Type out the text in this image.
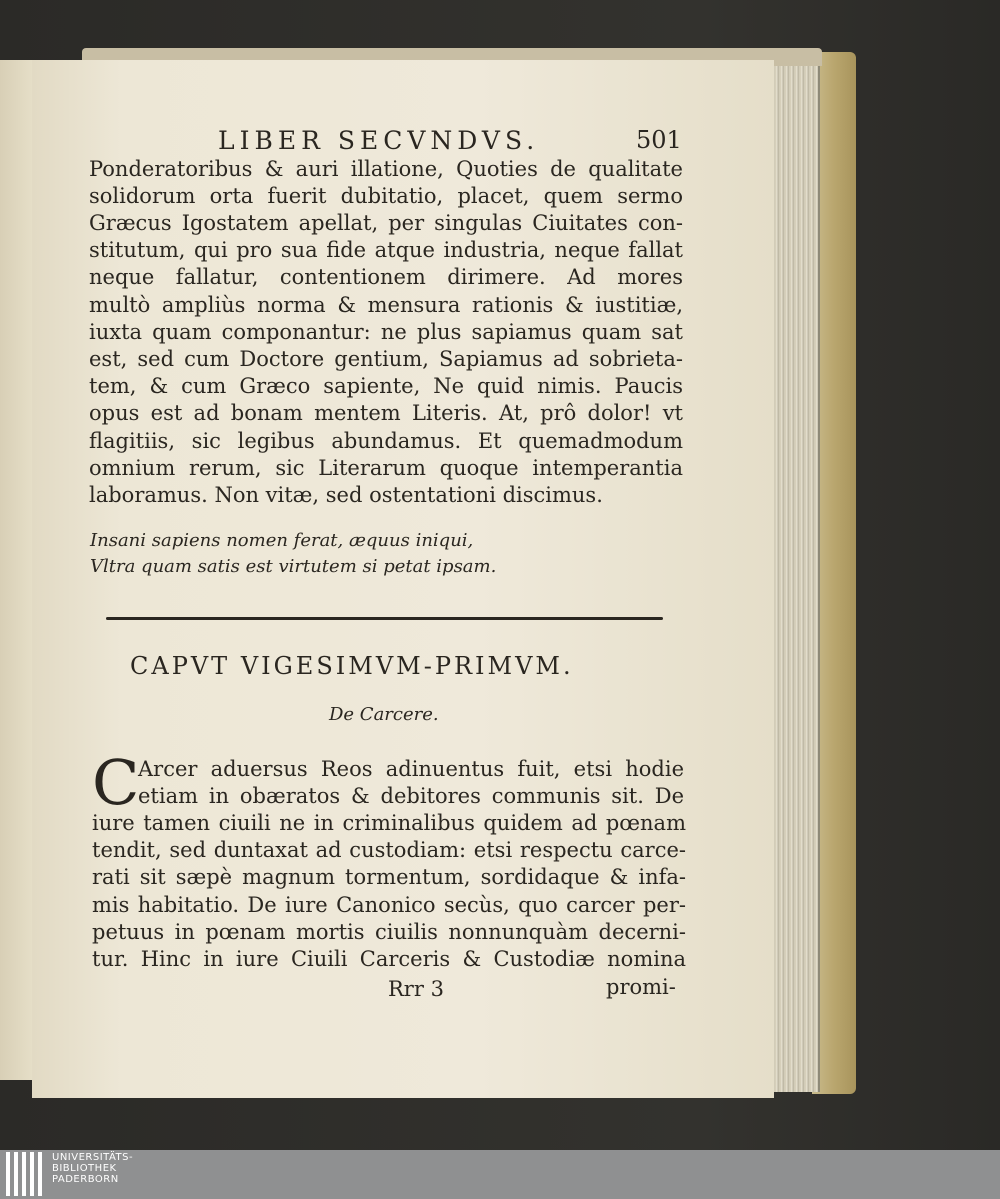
LIBER SECVNDVS.	501
Ponderatoribus & auri illatione, Quoties de qualitate
solidorum orta fuerit dubitatio, placet, quem sermo
Græcus Igostatem apellat, per singulas Ciuitates con-
stitutum, qui pro sua fide atque industria, neque fallat
neque fallatur, contentionem dirimere. Ad mores
multò ampliùs norma & mensura rationis & iustitiæ,
iuxta quam componantur: ne plus sapiamus quam sat
est, sed cum Doctore gentium, Sapiamus ad sobrieta-
tem, & cum Græco sapiente, Ne quid nimis. Paucis
opus est ad bonam mentem Literis. At, prô dolor! vt
flagitiis, sic legibus abundamus. Et quemadmodum
omnium rerum, sic Literarum quoque intemperantia
laboramus. Non vitæ, sed ostentationi discimus.
Insani sapiens nomen ferat, æquus iniqui,
Vltra quam satis est virtutem si petat ipsam.
CAPVT VIGESIMVM-PRIMVM.
De Carcere.
C
Arcer aduersus Reos adinuentus fuit, etsi hodie
etiam in obæratos & debitores communis sit. De
iure tamen ciuili ne in criminalibus quidem ad pœnam
tendit, sed duntaxat ad custodiam: etsi respectu carce-
rati sit sæpè magnum tormentum, sordidaque & infa-
mis habitatio. De iure Canonico secùs, quo carcer per-
petuus in pœnam mortis ciuilis nonnunquàm decerni-
tur. Hinc in iure Ciuili Carceris & Custodiæ nomina
Rrr 3	promi-
UNIVERSITÄTS-
BIBLIOTHEK
PADERBORN
